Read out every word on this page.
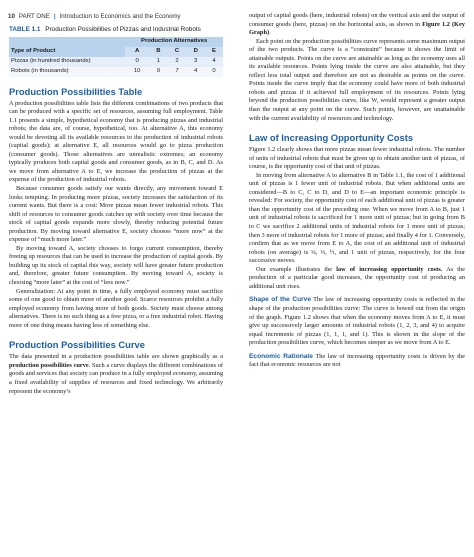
10 PART ONE | Introduction to Economics and the Economy
TABLE 1.1 Production Possibilities of Pizzas and Industrial Robots
	Production Alternatives				
Type of Product	A	B	C	D	E
Pizzas (in hundred thousands)	0	1	2	3	4
Robots (in thousands)	10	9	7	4	0
Production Possibilities Table

A production possibilities table lists the different combinations of two products that can be produced with a specific set of resources, assuming full employment. Table 1.1 presents a simple, hypothetical economy that is producing pizzas and industrial robots; the data are, of course, hypothetical, too. At alternative A, this economy would be devoting all its available resources to the production of industrial robots (capital goods); at alternative E, all resources would go to pizza production (consumer goods). Those alternatives are unrealistic extremes; an economy typically produces both capital goods and consumer goods, as in B, C, and D. As we move from alternative A to E, we increase the production of pizzas at the expense of the production of industrial robots.

Because consumer goods satisfy our wants directly, any movement toward E looks tempting. In producing more pizzas, society increases the satisfaction of its current wants. But there is a cost: More pizzas mean fewer industrial robots. This shift of resources to consumer goods catches up with society over time because the stock of capital goods expands more slowly, thereby reducing potential future production. By moving toward alternative E, society chooses “more now” at the expense of “much more later.”

By moving toward A, society chooses to forgo current consumption, thereby freeing up resources that can be used to increase the production of capital goods. By building up its stock of capital this way, society will have greater future production and, therefore, greater future consumption. By moving toward A, society is choosing “more later” at the cost of “less now.”

Generalization: At any point in time, a fully employed economy must sacrifice some of one good to obtain more of another good. Scarce resources prohibit a fully employed economy from having more of both goods. Society must choose among alternatives. There is no such thing as a free pizza, or a free industrial robot. Having more of one thing means having less of something else.

Production Possibilities Curve

The data presented in a production possibilities table are shown graphically as a production possibilities curve. Such a curve displays the different combinations of goods and services that society can produce in a fully employed economy, assuming a fixed availability of supplies of resources and fixed technology. We arbitrarily represent the economy’s

output of capital goods (here, industrial robots) on the vertical axis and the output of consumer goods (here, pizzas) on the horizontal axis, as shown in Figure 1.2 (Key Graph).

Each point on the production possibilities curve represents some maximum output of the two products. The curve is a “constraint” because it shows the limit of attainable outputs. Points on the curve are attainable as long as the economy uses all its available resources. Points lying inside the curve are also attainable, but they reflect less total output and therefore are not as desirable as points on the curve. Points inside the curve imply that the economy could have more of both industrial robots and pizzas if it achieved full employment of its resources. Points lying beyond the production possibilities curve, like W, would represent a greater output than the output at any point on the curve. Such points, however, are unattainable with the current availability of resources and technology.

Law of Increasing Opportunity Costs

Figure 1.2 clearly shows that more pizzas mean fewer industrial robots. The number of units of industrial robots that must be given up to obtain another unit of pizzas, of course, is the opportunity cost of that unit of pizzas.

In moving from alternative A to alternative B in Table 1.1, the cost of 1 additional unit of pizzas is 1 fewer unit of industrial robots. But when additional units are considered—B to C, C to D, and D to E—an important economic principle is revealed: For society, the opportunity cost of each additional unit of pizzas is greater than the opportunity cost of the preceding one. When we move from A to B, just 1 unit of industrial robots is sacrificed for 1 more unit of pizzas; but in going from B to C we sacrifice 2 additional units of industrial robots for 1 more unit of pizzas; then 3 more of industrial robots for 1 more of pizzas; and finally 4 for 1. Conversely, confirm that as we move from E to A, the cost of an additional unit of industrial robots (on average) is ¼, ⅓, ½, and 1 unit of pizzas, respectively, for the four successive moves.

Our example illustrates the law of increasing opportunity costs. As the production of a particular good increases, the opportunity cost of producing an additional unit rises.

Shape of the Curve The law of increasing opportunity costs is reflected in the shape of the production possibilities curve: The curve is bowed out from the origin of the graph. Figure 1.2 shows that when the economy moves from A to E, it must give up successively larger amounts of industrial robots (1, 2, 3, and 4) to acquire equal increments of pizzas (1, 1, 1, and 1). This is shown in the slope of the production possibilities curve, which becomes steeper as we move from A to E.

Economic Rationale The law of increasing opportunity costs is driven by the fact that economic resources are not
